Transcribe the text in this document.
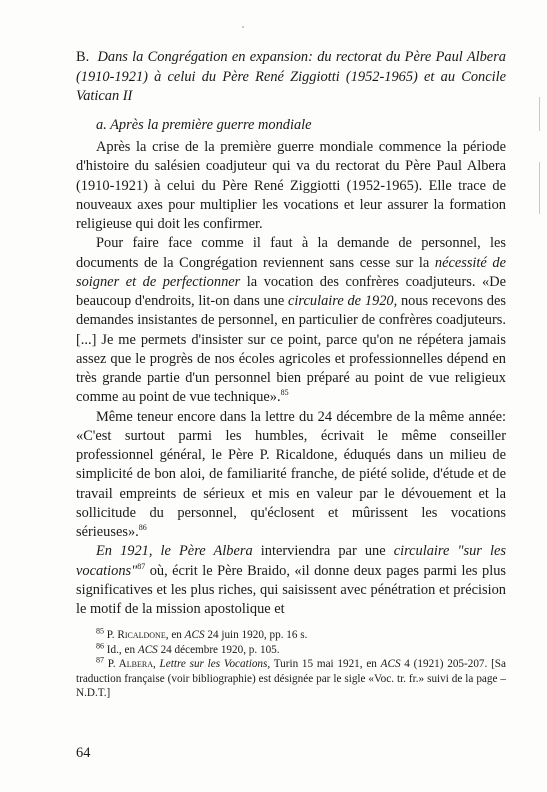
B. Dans la Congrégation en expansion: du rectorat du Père Paul Albera (1910-1921) à celui du Père René Ziggiotti (1952-1965) et au Concile Vatican II
a. Après la première guerre mondiale

Après la crise de la première guerre mondiale commence la période d'histoire du salésien coadjuteur qui va du rectorat du Père Paul Albera (1910-1921) à celui du Père René Ziggiotti (1952-1965). Elle trace de nouveaux axes pour multiplier les vocations et leur assurer la formation religieuse qui doit les confirmer.

Pour faire face comme il faut à la demande de personnel, les documents de la Congrégation reviennent sans cesse sur la nécessité de soigner et de perfectionner la vocation des confrères coadjuteurs. «De beaucoup d'endroits, lit-on dans une circulaire de 1920, nous recevons des demandes insistantes de personnel, en particulier de confrères coadjuteurs. [...] Je me permets d'insister sur ce point, parce qu'on ne répétera jamais assez que le progrès de nos écoles agricoles et professionnelles dépend en très grande partie d'un personnel bien préparé au point de vue religieux comme au point de vue technique».$^{85}$

Même teneur encore dans la lettre du 24 décembre de la même année: «C'est surtout parmi les humbles, écrivait le même conseiller professionnel général, le Père P. Ricaldone, éduqués dans un milieu de simplicité de bon aloi, de familiarité franche, de piété solide, d'étude et de travail empreints de sérieux et mis en valeur par le dévouement et la sollicitude du personnel, qu'éclosent et mûrissent les vocations sérieuses».$^{86}$

En 1921, le Père Albera interviendra par une circulaire "sur les vocations"$^{87}$ où, écrit le Père Braido, «il donne deux pages parmi les plus significatives et les plus riches, qui saisissent avec pénétration et précision le motif de la mission apostolique et

$^{85}$ P. Ricaldone, en ACS 24 juin 1920, pp. 16 s.

$^{86}$ Id., en ACS 24 décembre 1920, p. 105.

$^{87}$ P. Albera, Lettre sur les Vocations, Turin 15 mai 1921, en ACS 4 (1921) 205-207. [Sa traduction française (voir bibliographie) est désignée par le sigle «Voc. tr. fr.» suivi de la page – N.D.T.]

64
